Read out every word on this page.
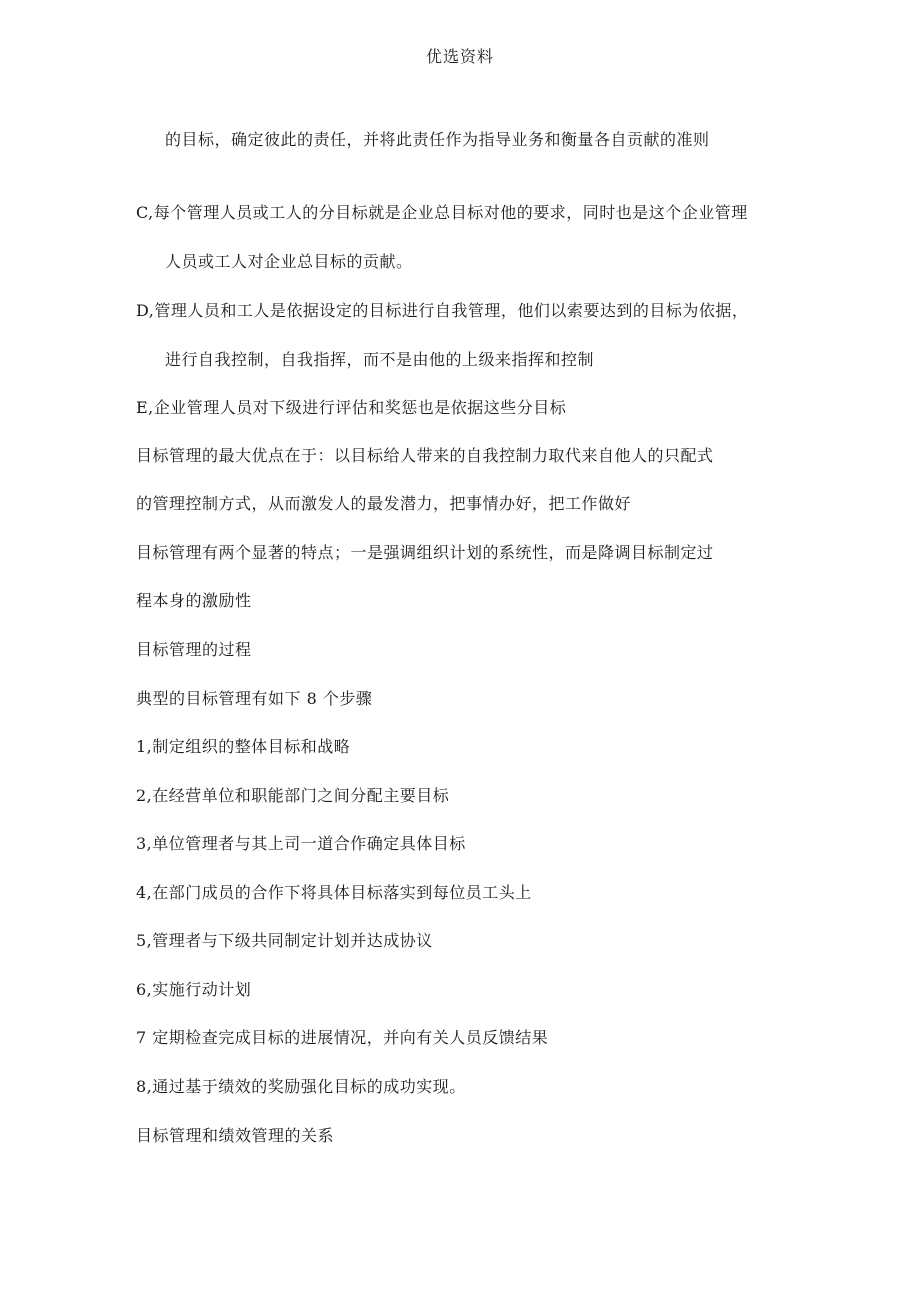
优选资料
的目标，确定彼此的责任，并将此责任作为指导业务和衡量各自贡献的准则
C,每个管理人员或工人的分目标就是企业总目标对他的要求，同时也是这个企业管理
人员或工人对企业总目标的贡献。
D,管理人员和工人是依据设定的目标进行自我管理，他们以索要达到的目标为依据，
进行自我控制，自我指挥，而不是由他的上级来指挥和控制
E,企业管理人员对下级进行评估和奖惩也是依据这些分目标
目标管理的最大优点在于：以目标给人带来的自我控制力取代来自他人的只配式
的管理控制方式，从而激发人的最发潜力，把事情办好，把工作做好
目标管理有两个显著的特点；一是强调组织计划的系统性，而是降调目标制定过
程本身的激励性
目标管理的过程
典型的目标管理有如下 8 个步骤
1,制定组织的整体目标和战略
2,在经营单位和职能部门之间分配主要目标
3,单位管理者与其上司一道合作确定具体目标
4,在部门成员的合作下将具体目标落实到每位员工头上
5,管理者与下级共同制定计划并达成协议
6,实施行动计划
7 定期检查完成目标的进展情况，并向有关人员反馈结果
8,通过基于绩效的奖励强化目标的成功实现。
目标管理和绩效管理的关系
